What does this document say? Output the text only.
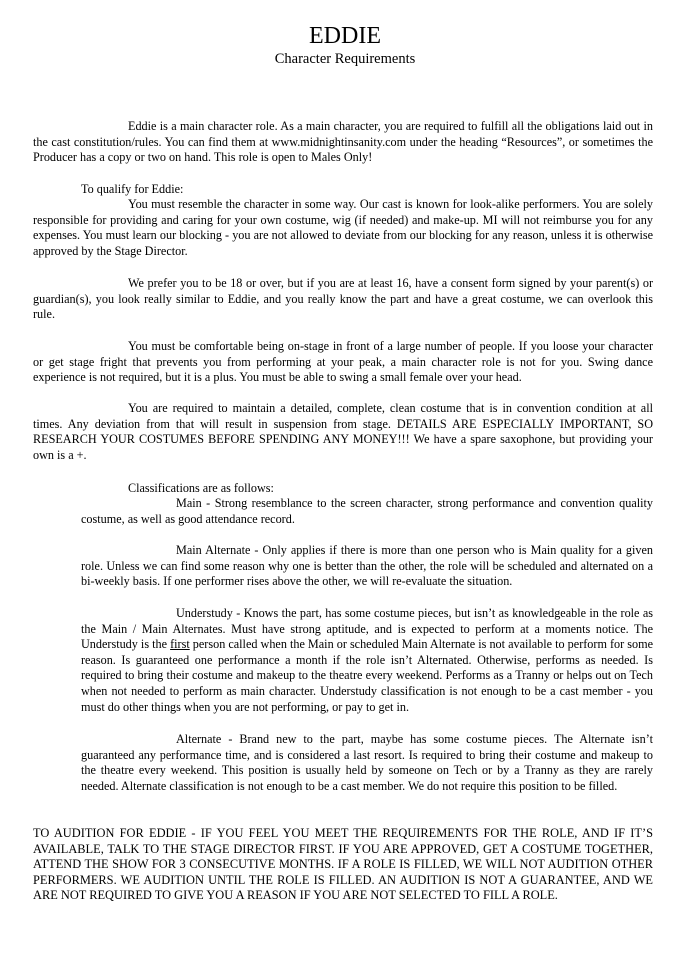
EDDIE
Character Requirements

Eddie is a main character role. As a main character, you are required to fulfill all the obligations laid out in the cast constitution/rules. You can find them at www.midnightinsanity.com under the heading “Resources”, or sometimes the Producer has a copy or two on hand. This role is open to Males Only!

To qualify for Eddie:

You must resemble the character in some way. Our cast is known for look-alike performers. You are solely responsible for providing and caring for your own costume, wig (if needed) and make-up. MI will not reimburse you for any expenses. You must learn our blocking - you are not allowed to deviate from our blocking for any reason, unless it is otherwise approved by the Stage Director.

We prefer you to be 18 or over, but if you are at least 16, have a consent form signed by your parent(s) or guardian(s), you look really similar to Eddie, and you really know the part and have a great costume, we can overlook this rule.

You must be comfortable being on-stage in front of a large number of people. If you loose your character or get stage fright that prevents you from performing at your peak, a main character role is not for you. Swing dance experience is not required, but it is a plus. You must be able to swing a small female over your head.

You are required to maintain a detailed, complete, clean costume that is in convention condition at all times. Any deviation from that will result in suspension from stage. DETAILS ARE ESPECIALLY IMPORTANT, SO RESEARCH YOUR COSTUMES BEFORE SPENDING ANY MONEY!!! We have a spare saxophone, but providing your own is a +.

Classifications are as follows:

Main - Strong resemblance to the screen character, strong performance and convention quality costume, as well as good attendance record.

Main Alternate - Only applies if there is more than one person who is Main quality for a given role. Unless we can find some reason why one is better than the other, the role will be scheduled and alternated on a bi-weekly basis. If one performer rises above the other, we will re-evaluate the situation.

Understudy - Knows the part, has some costume pieces, but isn’t as knowledgeable in the role as the Main / Main Alternates. Must have strong aptitude, and is expected to perform at a moments notice. The Understudy is the first person called when the Main or scheduled Main Alternate is not available to perform for some reason. Is guaranteed one performance a month if the role isn’t Alternated. Otherwise, performs as needed. Is required to bring their costume and makeup to the theatre every weekend. Performs as a Tranny or helps out on Tech when not needed to perform as main character. Understudy classification is not enough to be a cast member - you must do other things when you are not performing, or pay to get in.

Alternate - Brand new to the part, maybe has some costume pieces. The Alternate isn’t guaranteed any performance time, and is considered a last resort. Is required to bring their costume and makeup to the theatre every weekend. This position is usually held by someone on Tech or by a Tranny as they are rarely needed. Alternate classification is not enough to be a cast member. We do not require this position to be filled.

TO AUDITION FOR EDDIE - IF YOU FEEL YOU MEET THE REQUIREMENTS FOR THE ROLE, AND IF IT’S AVAILABLE, TALK TO THE STAGE DIRECTOR FIRST. IF YOU ARE APPROVED, GET A COSTUME TOGETHER, ATTEND THE SHOW FOR 3 CONSECUTIVE MONTHS. IF A ROLE IS FILLED, WE WILL NOT AUDITION OTHER PERFORMERS. WE AUDITION UNTIL THE ROLE IS FILLED. AN AUDITION IS NOT A GUARANTEE, AND WE ARE NOT REQUIRED TO GIVE YOU A REASON IF YOU ARE NOT SELECTED TO FILL A ROLE.
